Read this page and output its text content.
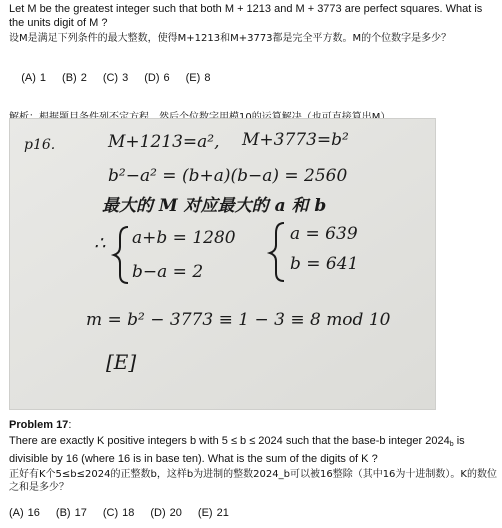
Let M be the greatest integer such that both M + 1213 and M + 3773 are perfect squares. What is the units digit of M ?

设M是满足下列条件的最大整数，使得M+1213和M+3773都是完全平方数。M的个位数字是多少？

(A) 1 (B) 2 (C) 3 (D) 6 (E) 8

p16.	M+1213=a², M+3773=b²
b²−a² = (b+a)(b−a) = 2560
最大的 M 对应最大的 a 和 b
∴ a+b = 1280
b−a = 2
a = 639
b = 641
m = b² − 3773 ≡ 1 − 3 ≡ 8 mod 10
[E]

Problem 17:

There are exactly K positive integers b with 5 ≤ b ≤ 2024 such that the base-b integer $2024_b$ is divisible by 16 (where 16 is in base ten). What is the sum of the digits of K ?

正好有K个5≤b≤2024的正整数b，这样b为进制的整数2024_b可以被16整除（其中16为十进制数）。K的数位之和是多少？

(A) 16 (B) 17 (C) 18 (D) 20 (E) 21
